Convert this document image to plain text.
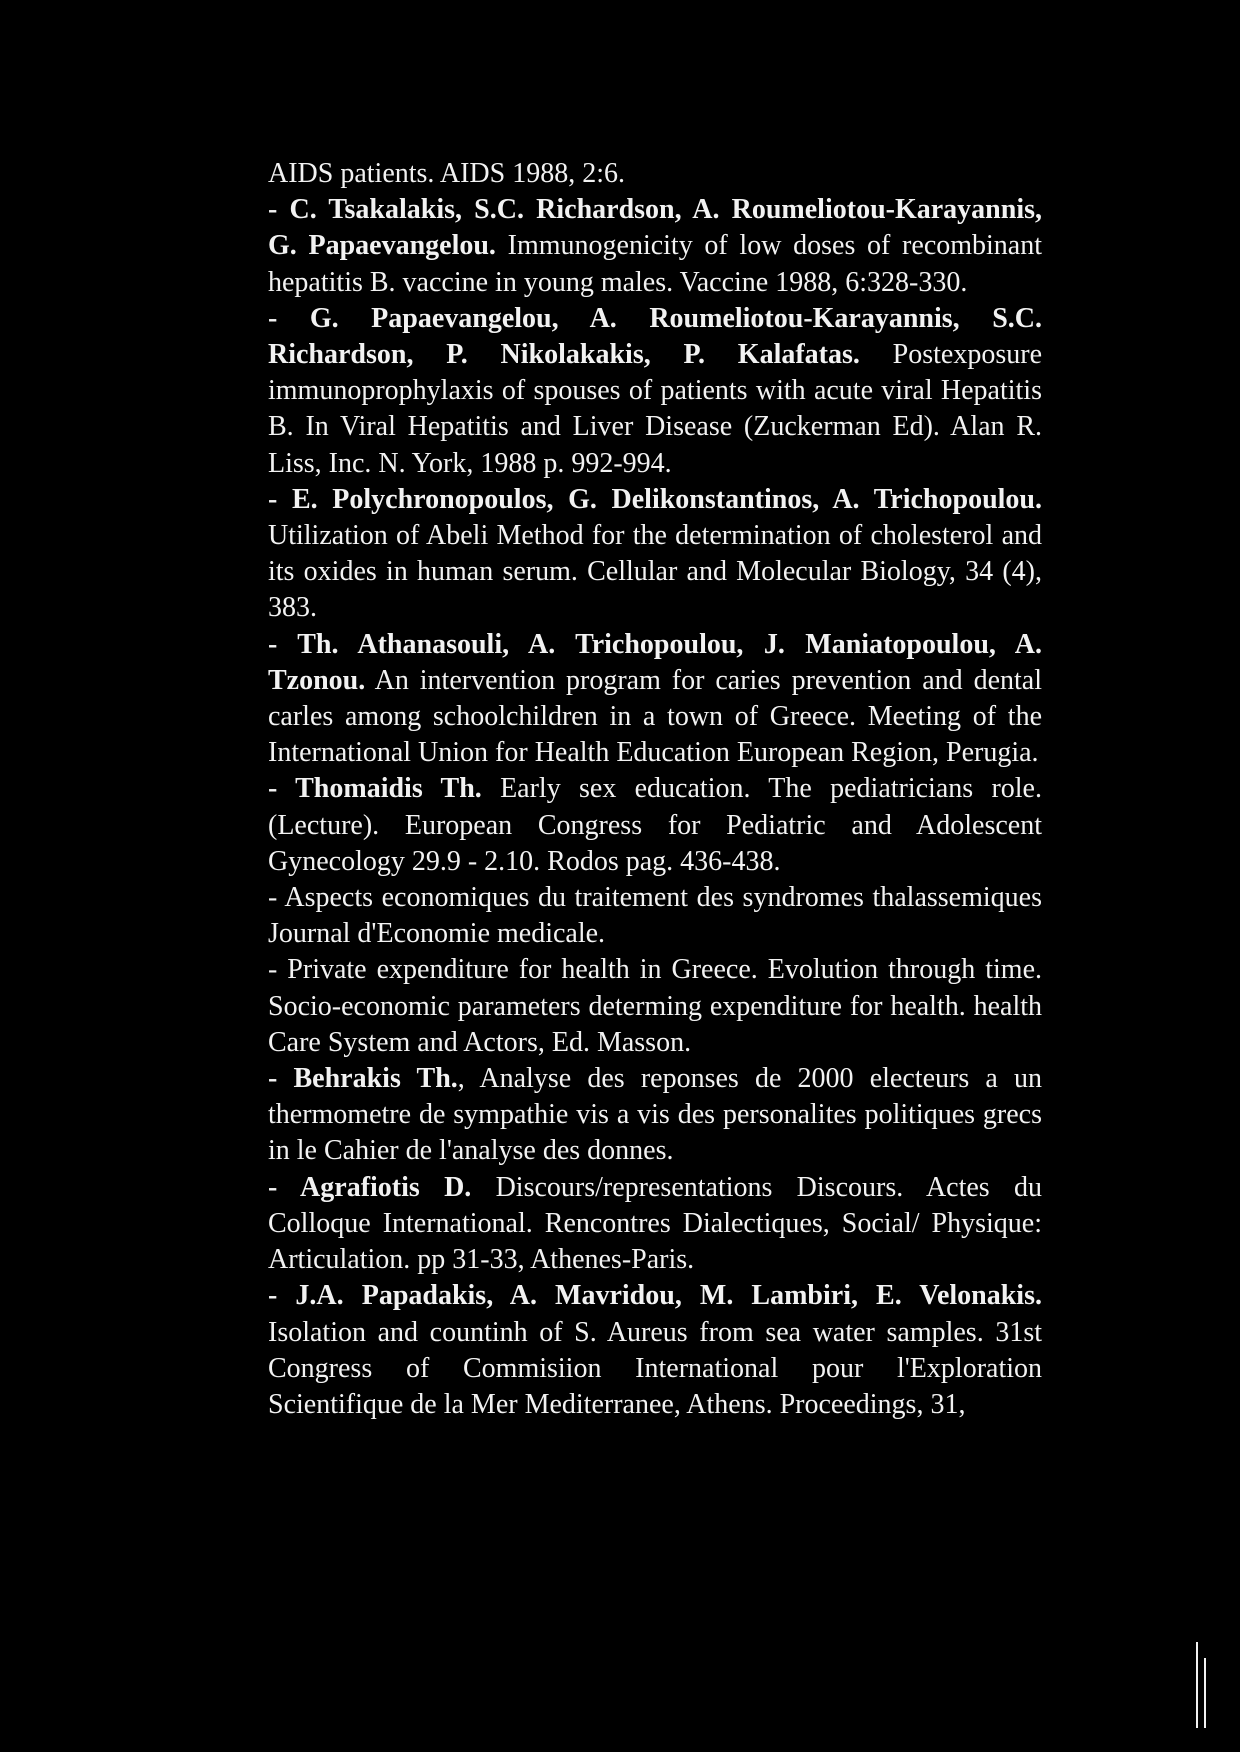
AIDS patients. AIDS 1988, 2:6.

- C. Tsakalakis, S.C. Richardson, A. Roumeliotou-Karayannis, G. Papaevangelou. Immunogenicity of low doses of recombinant hepatitis B. vaccine in young males. Vaccine 1988, 6:328-330.

- G. Papaevangelou, A. Roumeliotou-Karayannis, S.C. Richardson, P. Nikolakakis, P. Kalafatas. Postexposure immunoprophylaxis of spouses of patients with acute viral Hepatitis B. In Viral Hepatitis and Liver Disease (Zuckerman Ed). Alan R. Liss, Inc. N. York, 1988 p. 992-994.

- E. Polychronopoulos, G. Delikonstantinos, A. Trichopoulou. Utilization of Abeli Method for the determination of cholesterol and its oxides in human serum. Cellular and Molecular Biology, 34 (4), 383.

- Th. Athanasouli, A. Trichopoulou, J. Maniatopoulou, A. Tzonou. An intervention program for caries prevention and dental carles among schoolchildren in a town of Greece. Meeting of the International Union for Health Education European Region, Perugia.

- Thomaidis Th. Early sex education. The pediatricians role. (Lecture). European Congress for Pediatric and Adolescent Gynecology 29.9 - 2.10. Rodos pag. 436-438.

- Aspects economiques du traitement des syndromes thalassemiques Journal d'Economie medicale.

- Private expenditure for health in Greece. Evolution through time. Socio-economic parameters determing expenditure for health. health Care System and Actors, Ed. Masson.

- Behrakis Th., Analyse des reponses de 2000 electeurs a un thermometre de sympathie vis a vis des personalites politiques grecs in le Cahier de l'analyse des donnes.

- Agrafiotis D. Discours/representations Discours. Actes du Colloque International. Rencontres Dialectiques, Social/ Physique: Articulation. pp 31-33, Athenes-Paris.

- J.A. Papadakis, A. Mavridou, M. Lambiri, E. Velonakis. Isolation and countinh of S. Aureus from sea water samples. 31st Congress of Commisiion International pour l'Exploration Scientifique de la Mer Mediterranee, Athens. Proceedings, 31,
